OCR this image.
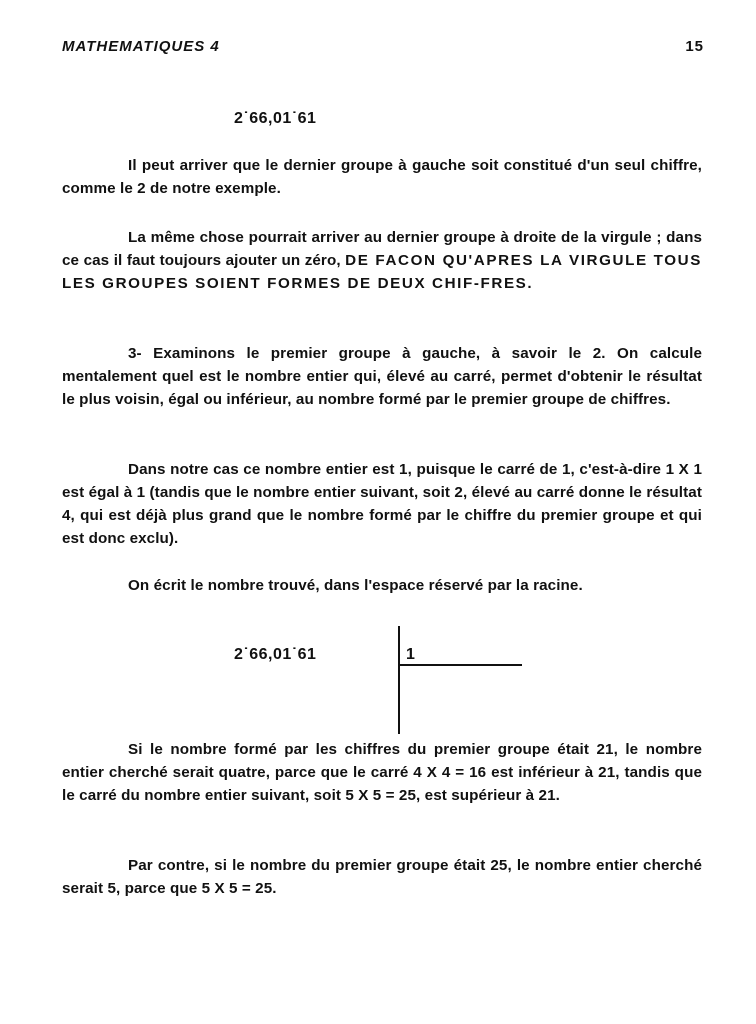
MATHEMATIQUES 4	15
2˙66,01˙61
Il peut arriver que le dernier groupe à gauche soit constitué d'un seul chiffre, comme le 2 de notre exemple.
La même chose pourrait arriver au dernier groupe à droite de la virgule ; dans ce cas il faut toujours ajouter un zéro, DE FACON QU'APRES LA VIRGULE TOUS LES GROUPES SOIENT FORMES DE DEUX CHIF-FRES.
3- Examinons le premier groupe à gauche, à savoir le 2. On calcule mentalement quel est le nombre entier qui, élevé au carré, permet d'obtenir le résultat le plus voisin, égal ou inférieur, au nombre formé par le premier groupe de chiffres.
Dans notre cas ce nombre entier est 1, puisque le carré de 1, c'est-à-dire 1 X 1 est égal à 1 (tandis que le nombre entier suivant, soit 2, élevé au carré donne le résultat 4, qui est déjà plus grand que le nombre formé par le chiffre du premier groupe et qui est donc exclu).
On écrit le nombre trouvé, dans l'espace réservé par la racine.
2˙66,01˙61	1
Si le nombre formé par les chiffres du premier groupe était 21, le nombre entier cherché serait quatre, parce que le carré 4 X 4 = 16 est inférieur à 21, tandis que le carré du nombre entier suivant, soit 5 X 5 = 25, est supérieur à 21.
Par contre, si le nombre du premier groupe était 25, le nombre entier cherché serait 5, parce que 5 X 5 = 25.
